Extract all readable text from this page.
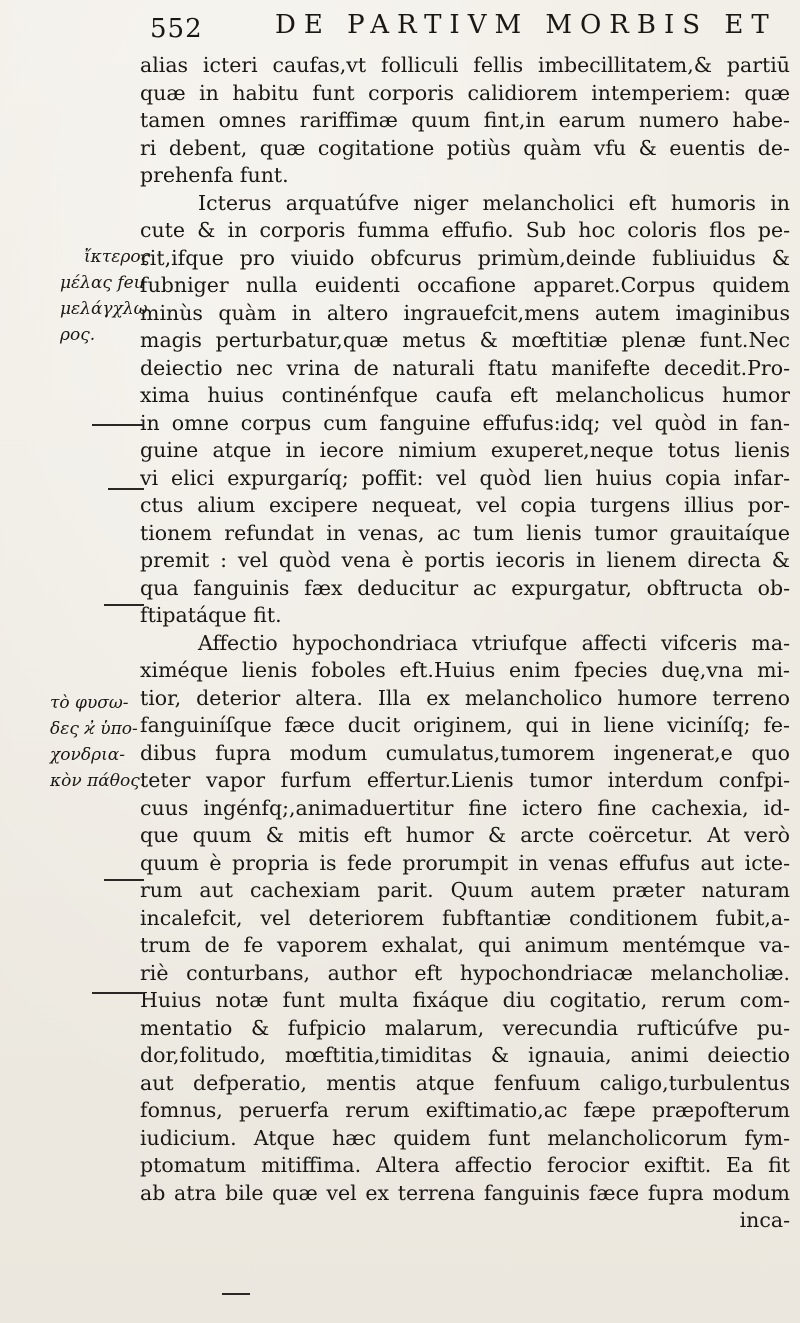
552	DE PARTIVM MORBIS ET
alias icteri caufas,vt folliculi fellis imbecillitatem,& partiū
quæ in habitu funt corporis calidiorem intemperiem: quæ
tamen omnes rariffimæ quum fint,in earum numero habe-
ri debent, quæ cogitatione potiùs quàm vfu & euentis de-
prehenfa funt.
Icterus arquatúfve niger melancholici eft humoris in
cute & in corporis fumma effufio. Sub hoc coloris flos pe-
rit,ifque pro viuido obfcurus primùm,deinde fubliuidus &
fubniger nulla euidenti occafione apparet.Corpus quidem
minùs quàm in altero ingrauefcit,mens autem imaginibus
magis perturbatur,quæ metus & mœftitiæ plenæ funt.Nec
deiectio nec vrina de naturali ftatu manifefte decedit.Pro-
xima huius continénfque caufa eft melancholicus humor
in omne corpus cum fanguine effufus:idq; vel quòd in fan-
guine atque in iecore nimium exuperet,neque totus lienis
vi elici expurgaríq; poffit: vel quòd lien huius copia infar-
ctus alium excipere nequeat, vel copia turgens illius por-
tionem refundat in venas, ac tum lienis tumor grauitaíque
premit : vel quòd vena è portis iecoris in lienem directa &
qua fanguinis fæx deducitur ac expurgatur, obftructa ob-
ftipatáque fit.
Affectio hypochondriaca vtriufque affecti vifceris ma-
ximéque lienis foboles eft.Huius enim fpecies duę,vna mi-
tior, deterior altera. Illa ex melancholico humore terreno
fanguiníſque fæce ducit originem, qui in liene viciníſq; fe-
dibus fupra modum cumulatus,tumorem ingenerat,e quo
teter vapor furfum effertur.Lienis tumor interdum confpi-
cuus ingénfq;,animaduertitur fine ictero fine cachexia, id-
que quum & mitis eft humor & arcte coërcetur. At verò
quum è propria is fede prorumpit in venas effufus aut icte-
rum aut cachexiam parit. Quum autem præter naturam
incalefcit, vel deteriorem fubftantiæ conditionem fubit,a-
trum de fe vaporem exhalat, qui animum mentémque va-
riè conturbans, author eft hypochondriacæ melancholiæ.
Huius notæ funt multa fixáque diu cogitatio, rerum com-
mentatio & fufpicio malarum, verecundia rufticúfve pu-
dor,folitudo, mœftitia,timiditas & ignauia, animi deiectio
aut defperatio, mentis atque fenfuum caligo,turbulentus
fomnus, peruerfa rerum exiftimatio,ac fæpe præpofterum
iudicium. Atque hæc quidem funt melancholicorum fym-
ptomatum mitiffima. Altera affectio ferocior exiftit. Ea fit
ab atra bile quæ vel ex terrena fanguinis fæce fupra modum
inca-
ἴκτερος
μέλας feu
μελάγχλω
ρος.
τὸ φυσω-
δες ϰ̓ ὑπο-
χονδρια-
κὸν πάθος.
